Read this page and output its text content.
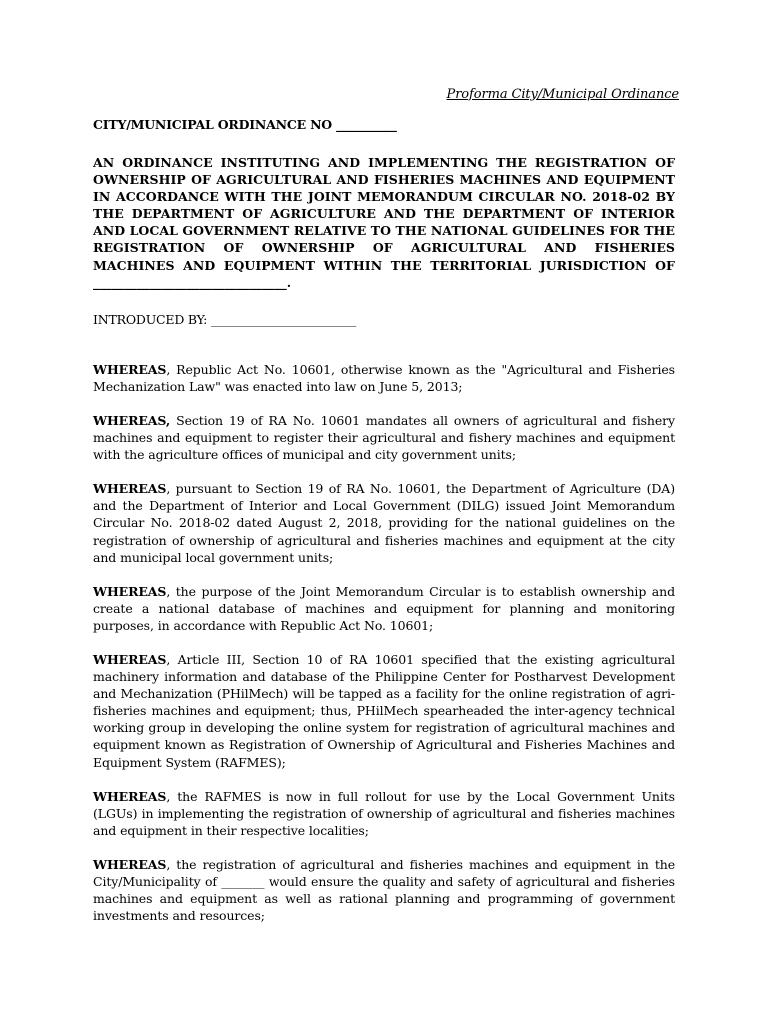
Proforma City/Municipal Ordinance
CITY/MUNICIPAL ORDINANCE NO __________
AN ORDINANCE INSTITUTING AND IMPLEMENTING THE REGISTRATION OF OWNERSHIP OF AGRICULTURAL AND FISHERIES MACHINES AND EQUIPMENT IN ACCORDANCE WITH THE JOINT MEMORANDUM CIRCULAR NO. 2018-02 BY THE DEPARTMENT OF AGRICULTURE AND THE DEPARTMENT OF INTERIOR AND LOCAL GOVERNMENT RELATIVE TO THE NATIONAL GUIDELINES FOR THE REGISTRATION OF OWNERSHIP OF AGRICULTURAL AND FISHERIES MACHINES AND EQUIPMENT WITHIN THE TERRITORIAL JURISDICTION OF
_______________________________.
INTRODUCED BY: ________________________

WHEREAS, Republic Act No. 10601, otherwise known as the "Agricultural and Fisheries Mechanization Law" was enacted into law on June 5, 2013;

WHEREAS, Section 19 of RA No. 10601 mandates all owners of agricultural and fishery machines and equipment to register their agricultural and fishery machines and equipment with the agriculture offices of municipal and city government units;

WHEREAS, pursuant to Section 19 of RA No. 10601, the Department of Agriculture (DA) and the Department of Interior and Local Government (DILG) issued Joint Memorandum Circular No. 2018-02 dated August 2, 2018, providing for the national guidelines on the registration of ownership of agricultural and fisheries machines and equipment at the city and municipal local government units;

WHEREAS, the purpose of the Joint Memorandum Circular is to establish ownership and create a national database of machines and equipment for planning and monitoring purposes, in accordance with Republic Act No. 10601;

WHEREAS, Article III, Section 10 of RA 10601 specified that the existing agricultural machinery information and database of the Philippine Center for Postharvest Development and Mechanization (PHilMech) will be tapped as a facility for the online registration of agri-fisheries machines and equipment; thus, PHilMech spearheaded the inter-agency technical working group in developing the online system for registration of agricultural machines and equipment known as Registration of Ownership of Agricultural and Fisheries Machines and Equipment System (RAFMES);

WHEREAS, the RAFMES is now in full rollout for use by the Local Government Units (LGUs) in implementing the registration of ownership of agricultural and fisheries machines and equipment in their respective localities;

WHEREAS, the registration of agricultural and fisheries machines and equipment in the City/Municipality of _______ would ensure the quality and safety of agricultural and fisheries machines and equipment as well as rational planning and programming of government investments and resources;
